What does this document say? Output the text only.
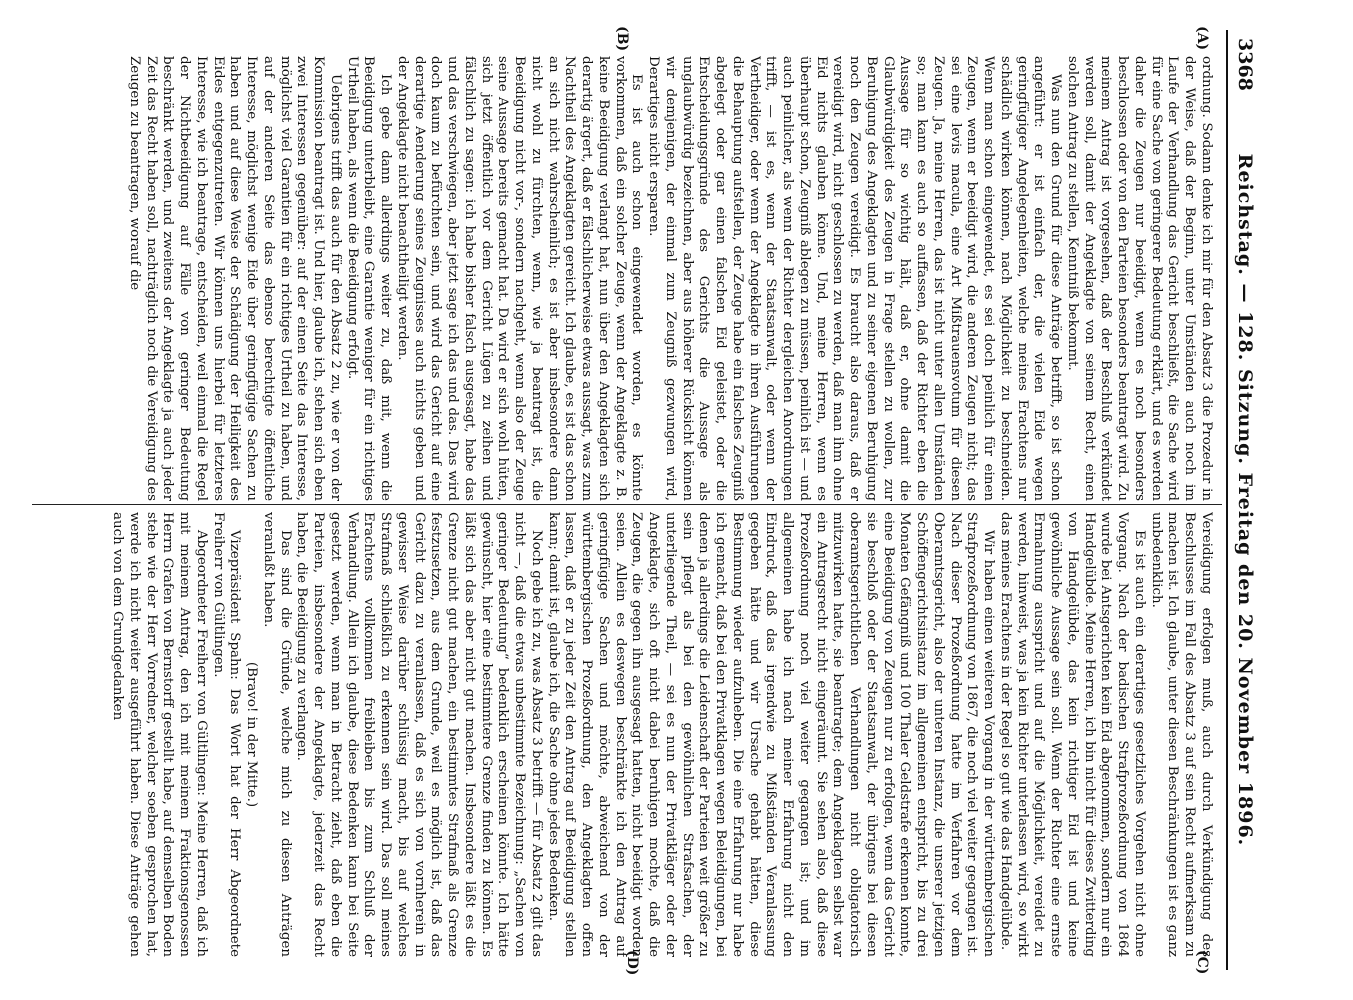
3368
Reichstag. — 128. Sitzung. Freitag den 20. November 1896.
(A)
(B)
(C)
(D)

ordnung. Sodann denke ich mir für den Absatz 3 die Prozedur in der Weise, daß der Beginn, unter Umständen auch noch im Laufe der Verhandlung das Gericht beschließt, die Sache wird für eine Sache von geringerer Bedeutung erklärt, und es werden daher die Zeugen nur beeidigt, wenn es noch besonders beschlossen oder von den Parteien besonders beantragt wird. Zu meinem Antrag ist vorgesehen, daß der Beschluß verkündet werden soll, damit der Angeklagte von seinem Recht, einen solchen Antrag zu stellen, Kenntniß bekommt.

Was nun den Grund für diese Anträge betrifft, so ist schon angeführt: er ist einfach der, die vielen Eide wegen geringfügiger Angelegenheiten, welche meines Erachtens nur schädlich wirken können, nach Möglichkeit zu beschneiden. Wenn man schon eingewendet, es sei doch peinlich für einen Zeugen, wenn er beeidigt wird, die anderen Zeugen nicht; das sei eine levis macula, eine Art Mißtrauensvotum für diesen Zeugen. Ja, meine Herren, das ist nicht unter allen Umständen so; man kann es auch so auffassen, daß der Richter eben die Aussage für so wichtig hält, daß er, ohne damit die Glaubwürdigkeit des Zeugen in Frage stellen zu wollen, zur Beruhigung des Angeklagten und zu seiner eigenen Beruhigung noch den Zeugen vereidigt. Es braucht also daraus, daß er vereidigt wird, nicht geschlossen zu werden, daß man ihm ohne Eid nichts glauben könne. Und, meine Herren, wenn es überhaupt schon, Zeugniß ablegen zu müssen, peinlich ist — und auch peinlicher, als wenn der Richter dergleichen Anordnungen trifft, — ist es, wenn der Staatsanwalt, oder wenn der Vertheidiger, oder wenn der Angeklagte in ihren Ausführungen die Behauptung aufstellen, der Zeuge habe ein falsches Zeugniß abgelegt oder gar einen falschen Eid geleistet, oder die Entscheidungsgründe des Gerichts die Aussage als unglaubwürdig bezeichnen, aber aus höherer Rücksicht können wir demjenigen, der einmal zum Zeugniß gezwungen wird, Derartiges nicht ersparen.

Es ist auch schon eingewendet worden, es könnte vorkommen, daß ein solcher Zeuge, wenn der Angeklagte z. B. keine Beeidigung verlangt hat, nun über den Angeklagten sich derartig ärgert, daß er fälschlicherweise etwas aussagt, was zum Nachtheil des Angeklagten gereicht. Ich glaube, es ist das schon an sich nicht wahrscheinlich; es ist aber insbesondere dann nicht wohl zu fürchten, wenn, wie ja beantragt ist, die Beeidigung nicht vor-, sondern nachgeht, wenn also der Zeuge seine Aussage bereits gemacht hat. Da wird er sich wohl hüten, sich jetzt öffentlich vor dem Gericht Lügen zu zeihen und fälschlich zu sagen: ich habe bisher falsch ausgesagt, habe das und das verschwiegen, aber jetzt sage ich das und das. Das wird doch kaum zu befürchten sein, und wird das Gericht auf eine derartige Aenderung seines Zeugnisses auch nichts geben und der Angeklagte nicht benachtheiligt werden.

Ich gebe dann allerdings weiter zu, daß mit, wenn die Beeidigung unterbleibt, eine Garantie weniger für ein richtiges Urtheil haben, als wenn die Beeidigung erfolgt.

Uebrigens trifft das auch für den Absatz 2 zu, wie er von der Kommission beantragt ist. Und hier, glaube ich, stehen sich eben zwei Interessen gegenüber: auf der einen Seite das Interesse, möglichst viel Garantien für ein richtiges Urtheil zu haben, und auf der anderen Seite das ebenso berechtigte öffentliche Interesse, möglichst wenige Eide über geringfügige Sachen zu haben und auf diese Weise der Schädigung der Heiligkeit des Eides entgegenzutreten. Wir können uns hierbei für letzteres Interesse, wie ich beantrage, entscheiden, weil einmal die Regel der Nichtbeeidigung auf Fälle von geringer Bedeutung beschränkt werden, und zweitens der Angeklagte ja auch jeder Zeit das Recht haben soll, nachträglich noch die Vereidigung des Zeugen zu beantragen, worauf die

Vereidigung erfolgen muß, auch durch Verkündigung des Beschlusses im Fall des Absatz 3 auf sein Recht aufmerksam zu machen ist. Ich glaube, unter diesen Beschränkungen ist es ganz unbedenklich.

Es ist auch ein derartiges gesetzliches Vorgehen nicht ohne Vorgang. Nach der badischen Strafprozeßordnung von 1864 wurde bei Antsgerichten kein Eid abgenommen, sondern nur ein Handgelübde. Meine Herren, ich bin nicht für dieses Zwitterding von Handgelübde, das kein richtiger Eid ist und keine gewöhnliche Aussage sein soll. Wenn der Richter eine ernste Ermahnung ausspricht und auf die Möglichkeit, vereidet zu werden, hinweist, was ja kein Richter unterlassen wird, so wirkt das meines Erachtens in der Regel so gut wie das Handgelübde.

Wir haben einen weiteren Vorgang in der württembergischen Strafprozeßordnung von 1867, die noch viel weiter gegangen ist. Nach dieser Prozeßordnung hatte im Verfahren vor dem Oberamtsgericht, also der unteren Instanz, die unserer jetzigen Schöffengerichtsinstanz im allgemeinen entspricht, bis zu drei Monaten Gefängniß und 100 Thaler Geldstrafe erkennen konnte, eine Beeidigung von Zeugen nur zu erfolgen, wenn das Gericht sie beschloß oder der Staatsanwalt, der übrigens bei diesen oberamtsgerichtlichen Verhandlungen nicht obligatorisch mitzuwirken hatte, sie beantragte; dem Angeklagten selbst war ein Antragsrecht nicht eingeräumt. Sie sehen also, daß diese Prozeßordnung noch viel weiter gegangen ist; und im allgemeinen habe ich nach meiner Erfahrung nicht den Eindruck, daß das irgendwie zu Mißständen Veranlassung gegeben hätte und wir Ursache gehabt hätten, diese Bestimmung wieder aufzuheben. Die eine Erfahrung nur habe ich gemacht, daß bei den Privatklagen wegen Beleidigungen, bei denen ja allerdings die Leidenschaft der Parteien weit größer zu sein pflegt als bei den gewöhnlichen Strafsachen, der unterliegende Theil, — sei es nun der Privatkläger oder der Angeklagte, sich oft nicht dabei beruhigen mochte, daß die Zeugen, die gegen ihn ausgesagt hatten, nicht beeidigt worden seien. Allein es deswegen beschränkte ich den Antrag auf geringfügige Sachen und möchte, abweichend von der württembergischen Prozeßordnung, den Angeklagten offen lassen, daß er zu jeder Zeit den Antrag auf Beeidigung stellen kann; damit ist, glaube ich, die Sache ohne jedes Bedenken.

Noch gebe ich zu, was Absatz 3 betrifft — für Absatz 2 gilt das nicht —, daß die etwas unbestimmte Bezeichnung: „Sachen von geringer Bedeutung“ bedenklich erscheinen könnte. Ich hätte gewünscht, hier eine bestimmtere Grenze finden zu können. Es läßt sich das aber nicht gut machen. Insbesondere läßt es die Grenze nicht gut machen, ein bestimmtes Strafmaß als Grenze festzusetzen, aus dem Grunde, weil es möglich ist, daß das Gericht dazu zu veranlassen, daß es sich von vornherein in gewisser Weise darüber schlüssig macht, bis auf welches Strafmaß schließlich zu erkennen sein wird. Das soll meines Erachtens vollkommen freibleiben bis zum Schluß der Verhandlung. Allein ich glaube, diese Bedenken kann bei Seite gesetzt werden, wenn man in Betracht zieht, daß eben die Parteien, insbesondere der Angeklagte, jederzeit das Recht haben, die Beeidigung zu verlangen.

Das sind die Gründe, welche mich zu diesen Anträgen veranlaßt haben.

(Bravo! in der Mitte.)

Vizepräsident Spahn: Das Wort hat der Herr Abgeordnete Freiherr von Gültlingen.

Abgeordneter Freiherr von Gültlingen: Meine Herren, daß ich mit meinem Antrag, den ich mit meinem Fraktionsgenossen Herrn Grafen von Bernstorff gestellt habe, auf demselben Boden stehe wie der Herr Vorredner, welcher soeben gesprochen hat, werde ich nicht weiter ausgeführt haben. Diese Anträge gehen auch von dem Grundgedanken
